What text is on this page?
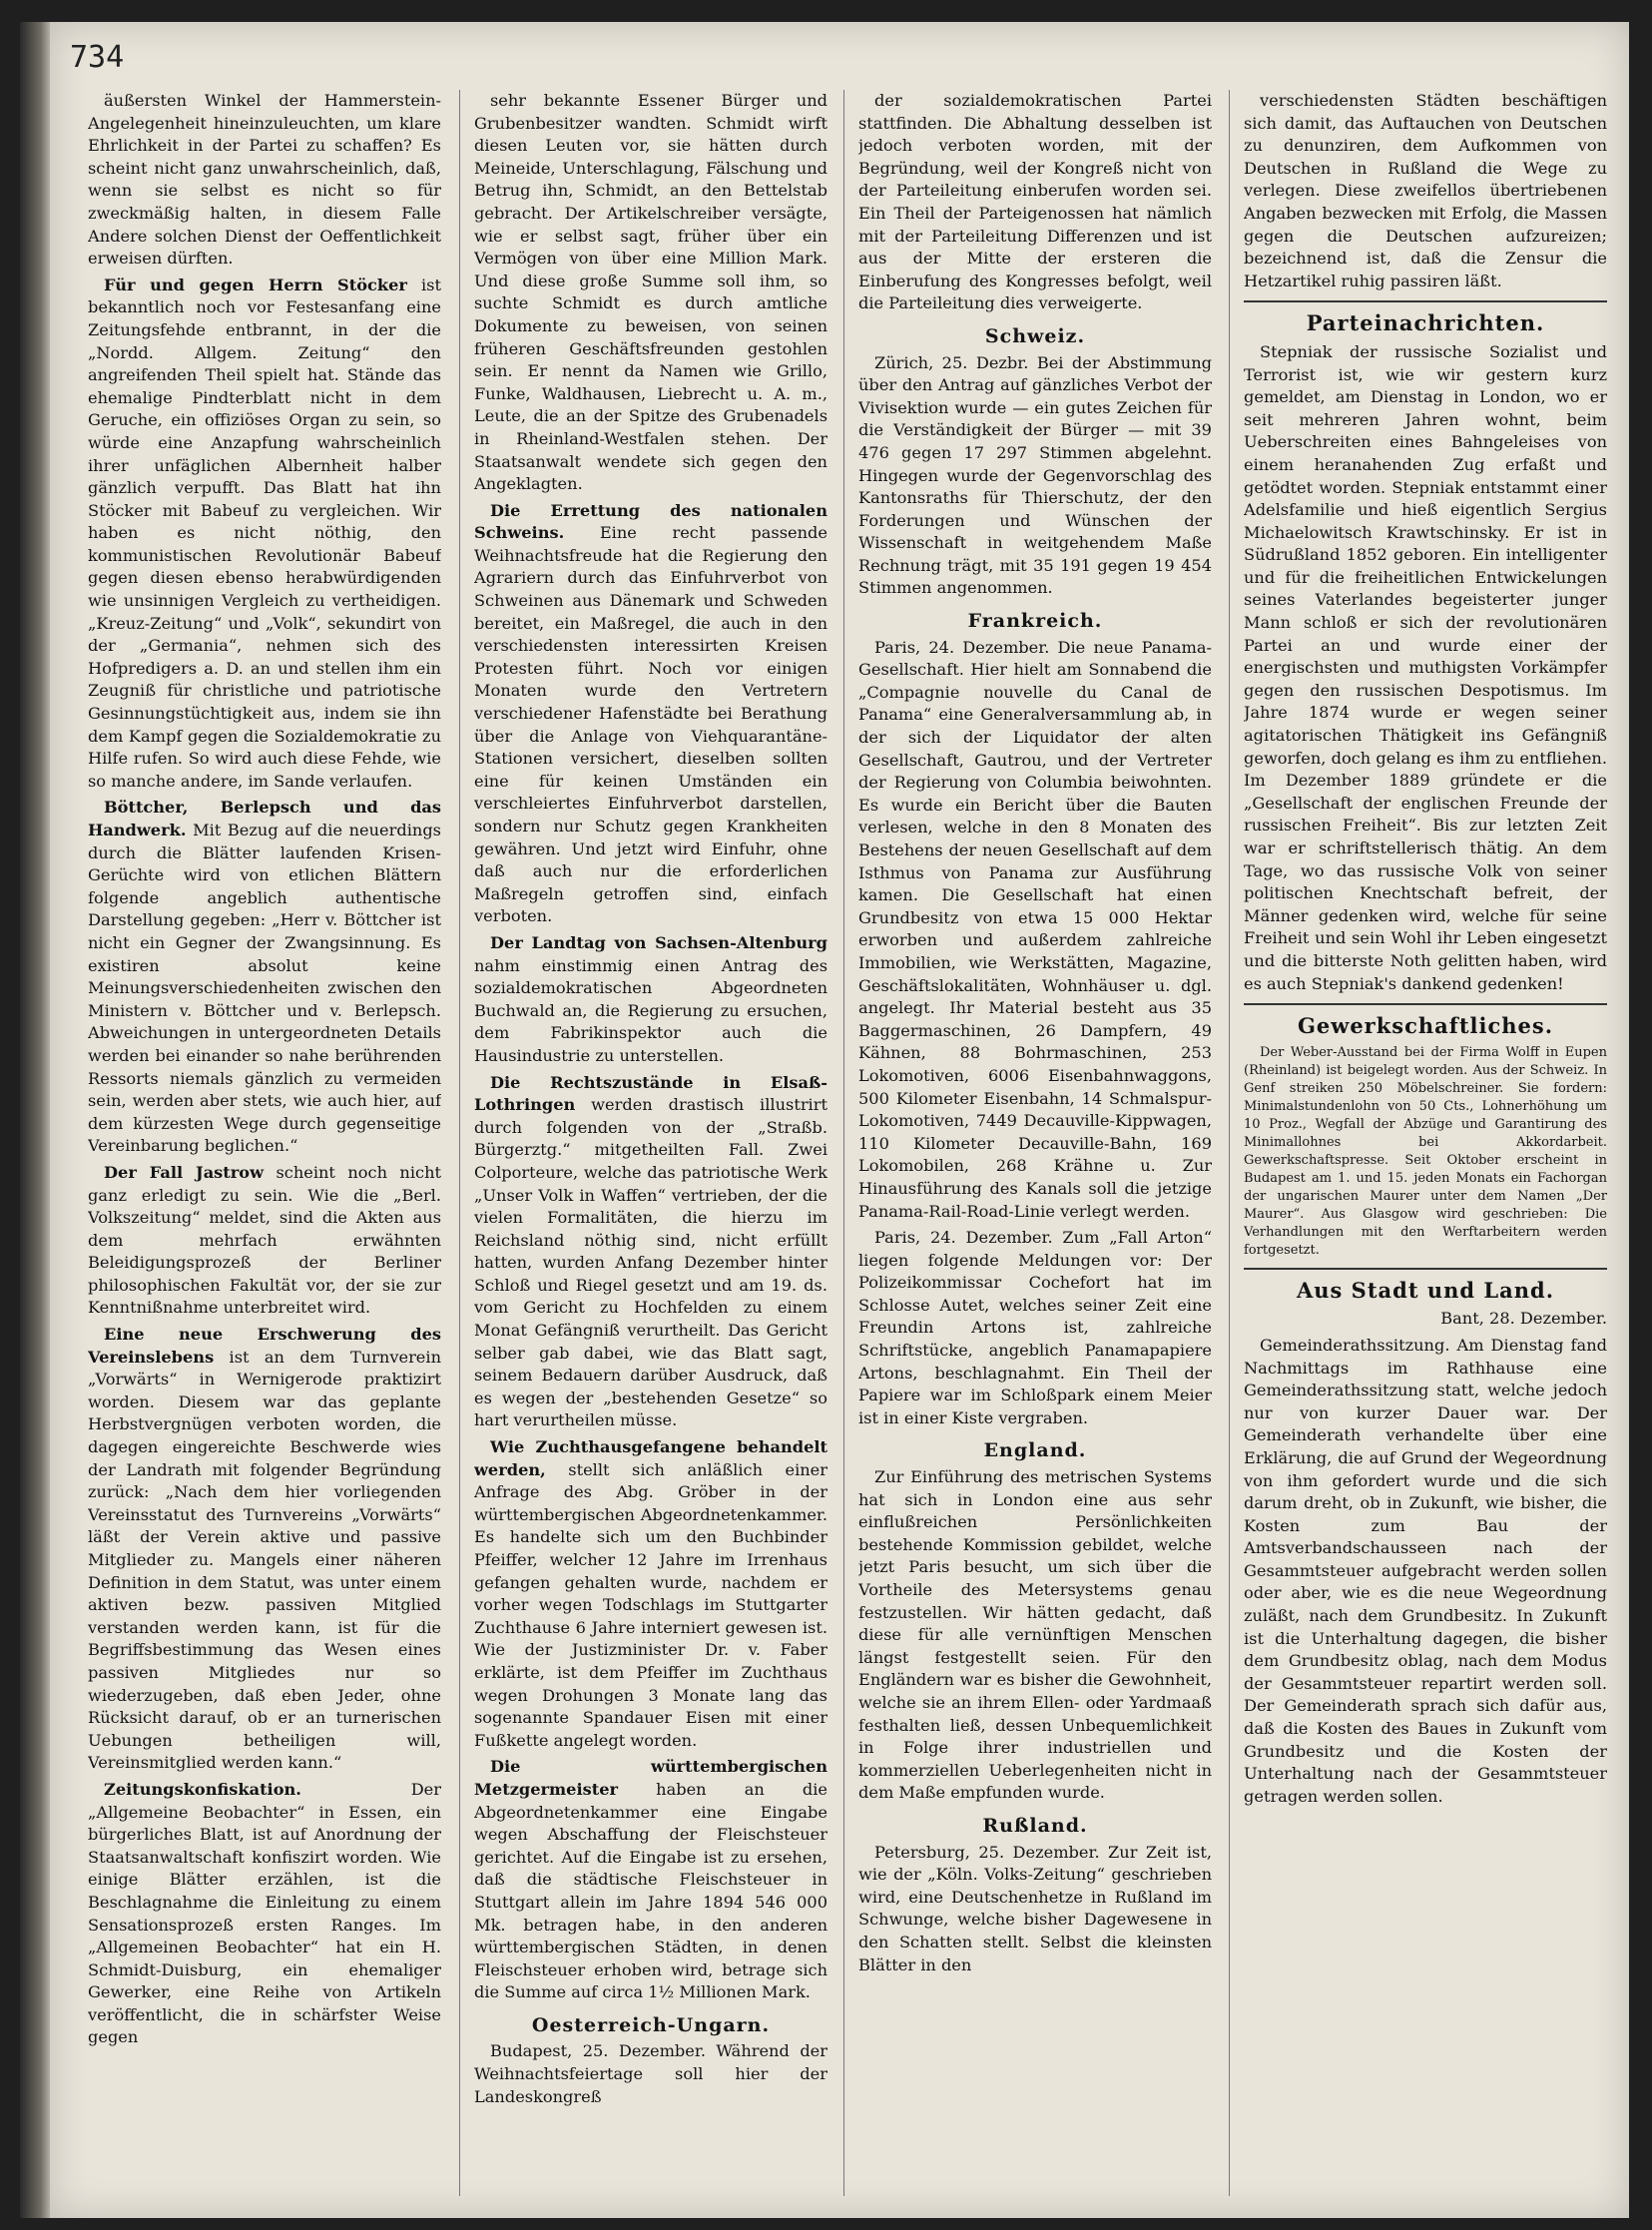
734

äußersten Winkel der Hammerstein-Angelegenheit hineinzuleuchten, um klare Ehrlichkeit in der Partei zu schaffen? Es scheint nicht ganz unwahrscheinlich, daß, wenn sie selbst es nicht so für zweckmäßig halten, in diesem Falle Andere solchen Dienst der Oeffentlichkeit erweisen dürften.

Für und gegen Herrn Stöcker ist bekanntlich noch vor Festesanfang eine Zeitungsfehde entbrannt, in der die „Nordd. Allgem. Zeitung“ den angreifenden Theil spielt hat. Stände das ehemalige Pindterblatt nicht in dem Geruche, ein offiziöses Organ zu sein, so würde eine Anzapfung wahrscheinlich ihrer unfäglichen Albernheit halber gänzlich verpufft. Das Blatt hat ihn Stöcker mit Babeuf zu vergleichen. Wir haben es nicht nöthig, den kommunistischen Revolutionär Babeuf gegen diesen ebenso herabwürdigenden wie unsinnigen Vergleich zu vertheidigen. „Kreuz-Zeitung“ und „Volk“, sekundirt von der „Germania“, nehmen sich des Hofpredigers a. D. an und stellen ihm ein Zeugniß für christliche und patriotische Gesinnungstüchtigkeit aus, indem sie ihn dem Kampf gegen die Sozialdemokratie zu Hilfe rufen. So wird auch diese Fehde, wie so manche andere, im Sande verlaufen.

Böttcher, Berlepsch und das Handwerk. Mit Bezug auf die neuerdings durch die Blätter laufenden Krisen-Gerüchte wird von etlichen Blättern folgende angeblich authentische Darstellung gegeben: „Herr v. Böttcher ist nicht ein Gegner der Zwangsinnung. Es existiren absolut keine Meinungsverschiedenheiten zwischen den Ministern v. Böttcher und v. Berlepsch. Abweichungen in untergeordneten Details werden bei einander so nahe berührenden Ressorts niemals gänzlich zu vermeiden sein, werden aber stets, wie auch hier, auf dem kürzesten Wege durch gegenseitige Vereinbarung beglichen.“

Der Fall Jastrow scheint noch nicht ganz erledigt zu sein. Wie die „Berl. Volkszeitung“ meldet, sind die Akten aus dem mehrfach erwähnten Beleidigungsprozeß der Berliner philosophischen Fakultät vor, der sie zur Kenntnißnahme unterbreitet wird.

Eine neue Erschwerung des Vereinslebens ist an dem Turnverein „Vorwärts“ in Wernigerode praktizirt worden. Diesem war das geplante Herbstvergnügen verboten worden, die dagegen eingereichte Beschwerde wies der Landrath mit folgender Begründung zurück: „Nach dem hier vorliegenden Vereinsstatut des Turnvereins „Vorwärts“ läßt der Verein aktive und passive Mitglieder zu. Mangels einer näheren Definition in dem Statut, was unter einem aktiven bezw. passiven Mitglied verstanden werden kann, ist für die Begriffsbestimmung das Wesen eines passiven Mitgliedes nur so wiederzugeben, daß eben Jeder, ohne Rücksicht darauf, ob er an turnerischen Uebungen betheiligen will, Vereinsmitglied werden kann.“

Zeitungskonfiskation.	Der „Allgemeine Beobachter“ in Essen, ein bürgerliches Blatt, ist auf Anordnung der Staatsanwaltschaft konfiszirt worden. Wie einige Blätter erzählen, ist die Beschlagnahme die Einleitung zu einem Sensationsprozeß ersten Ranges. Im „Allgemeinen Beobachter“ hat ein H. Schmidt-Duisburg, ein ehemaliger Gewerker, eine Reihe von Artikeln veröffentlicht, die in schärfster Weise gegen

sehr bekannte Essener Bürger und Grubenbesitzer wandten. Schmidt wirft diesen Leuten vor, sie hätten durch Meineide, Unterschlagung, Fälschung und Betrug ihn, Schmidt, an den Bettelstab gebracht. Der Artikelschreiber versägte, wie er selbst sagt, früher über ein Vermögen von über eine Million Mark. Und diese große Summe soll ihm, so suchte Schmidt es durch amtliche Dokumente zu beweisen, von seinen früheren Geschäftsfreunden gestohlen sein. Er nennt da Namen wie Grillo, Funke, Waldhausen, Liebrecht u. A. m., Leute, die an der Spitze des Grubenadels in Rheinland-Westfalen stehen. Der Staatsanwalt wendete sich gegen den Angeklagten.

Die Errettung des nationalen Schweins. Eine recht passende Weihnachtsfreude hat die Regierung den Agrariern durch das Einfuhrverbot von Schweinen aus Dänemark und Schweden bereitet, ein Maßregel, die auch in den verschiedensten interessirten Kreisen Protesten führt. Noch vor einigen Monaten wurde den Vertretern verschiedener Hafenstädte bei Berathung über die Anlage von Viehquarantäne-Stationen versichert, dieselben sollten eine für keinen Umständen ein verschleiertes Einfuhrverbot darstellen, sondern nur Schutz gegen Krankheiten gewähren. Und jetzt wird Einfuhr, ohne daß auch nur die erforderlichen Maßregeln getroffen sind, einfach verboten.

Der Landtag von Sachsen-Altenburg nahm einstimmig einen Antrag des sozialdemokratischen Abgeordneten Buchwald an, die Regierung zu ersuchen, dem Fabrikinspektor auch die Hausindustrie zu unterstellen.

Die Rechtszustände in Elsaß-Lothringen werden drastisch illustrirt durch folgenden von der „Straßb. Bürgerztg.“ mitgetheilten Fall. Zwei Colporteure, welche das patriotische Werk „Unser Volk in Waffen“ vertrieben, der die vielen Formalitäten, die hierzu im Reichsland nöthig sind, nicht erfüllt hatten, wurden Anfang Dezember hinter Schloß und Riegel gesetzt und am 19. ds. vom Gericht zu Hochfelden zu einem Monat Gefängniß verurtheilt. Das Gericht selber gab dabei, wie das Blatt sagt, seinem Bedauern darüber Ausdruck, daß es wegen der „bestehenden Gesetze“ so hart verurtheilen müsse.

Wie Zuchthausgefangene behandelt werden, stellt sich anläßlich einer Anfrage des Abg. Gröber in der württembergischen Abgeordnetenkammer. Es handelte sich um den Buchbinder Pfeiffer, welcher 12 Jahre im Irrenhaus gefangen gehalten wurde, nachdem er vorher wegen Todschlags im Stuttgarter Zuchthause 6 Jahre interniert gewesen ist. Wie der Justizminister Dr. v. Faber erklärte, ist dem Pfeiffer im Zuchthaus wegen Drohungen 3 Monate lang das sogenannte Spandauer Eisen mit einer Fußkette angelegt worden.

Die württembergischen Metzgermeister haben an die Abgeordnetenkammer eine Eingabe wegen Abschaffung der Fleischsteuer gerichtet. Auf die Eingabe ist zu ersehen, daß die städtische Fleischsteuer in Stuttgart allein im Jahre 1894 546 000 Mk. betragen habe, in den anderen württembergischen Städten, in denen Fleischsteuer erhoben wird, betrage sich die Summe auf circa 1½ Millionen Mark.

Oesterreich-Ungarn.

Budapest, 25. Dezember. Während der Weihnachtsfeiertage soll hier der Landeskongreß

der sozialdemokratischen Partei stattfinden. Die Abhaltung desselben ist jedoch verboten worden, mit der Begründung, weil der Kongreß nicht von der Parteileitung einberufen worden sei. Ein Theil der Parteigenossen hat nämlich mit der Parteileitung Differenzen und ist aus der Mitte der ersteren die Einberufung des Kongresses befolgt, weil die Parteileitung dies verweigerte.

Schweiz.

Zürich, 25. Dezbr. Bei der Abstimmung über den Antrag auf gänzliches Verbot der Vivisektion wurde — ein gutes Zeichen für die Verständigkeit der Bürger — mit 39 476 gegen 17 297 Stimmen abgelehnt. Hingegen wurde der Gegenvorschlag des Kantonsraths für Thierschutz, der den Forderungen und Wünschen der Wissenschaft in weitgehendem Maße Rechnung trägt, mit 35 191 gegen 19 454 Stimmen angenommen.

Frankreich.

Paris, 24. Dezember. Die neue Panama-Gesellschaft. Hier hielt am Sonnabend die „Compagnie nouvelle du Canal de Panama“ eine Generalversammlung ab, in der sich der Liquidator der alten Gesellschaft, Gautrou, und der Vertreter der Regierung von Columbia beiwohnten. Es wurde ein Bericht über die Bauten verlesen, welche in den 8 Monaten des Bestehens der neuen Gesellschaft auf dem Isthmus von Panama zur Ausführung kamen. Die Gesellschaft hat einen Grundbesitz von etwa 15 000 Hektar erworben und außerdem zahlreiche Immobilien, wie Werkstätten, Magazine, Geschäftslokalitäten, Wohnhäuser u. dgl. angelegt. Ihr Material besteht aus 35 Baggermaschinen, 26 Dampfern, 49 Kähnen, 88 Bohrmaschinen, 253 Lokomotiven, 6006 Eisenbahnwaggons, 500 Kilometer Eisenbahn, 14 Schmalspur-Lokomotiven, 7449 Decauville-Kippwagen, 110 Kilometer Decauville-Bahn, 169 Lokomobilen, 268 Krähne u. Zur Hinausführung des Kanals soll die jetzige Panama-Rail-Road-Linie verlegt werden.

Paris, 24. Dezember. Zum „Fall Arton“ liegen folgende Meldungen vor: Der Polizeikommissar Cochefort hat im Schlosse Autet, welches seiner Zeit eine Freundin Artons ist, zahlreiche Schriftstücke, angeblich Panamapapiere Artons, beschlagnahmt. Ein Theil der Papiere war im Schloßpark einem Meier ist in einer Kiste vergraben.

England.

Zur Einführung des metrischen Systems hat sich in London eine aus sehr einflußreichen Persönlichkeiten bestehende Kommission gebildet, welche jetzt Paris besucht, um sich über die Vortheile des Metersystems genau festzustellen. Wir hätten gedacht, daß diese für alle vernünftigen Menschen längst festgestellt seien. Für den Engländern war es bisher die Gewohnheit, welche sie an ihrem Ellen- oder Yardmaaß festhalten ließ, dessen Unbequemlichkeit in Folge ihrer industriellen und kommerziellen Ueberlegenheiten nicht in dem Maße empfunden wurde.

Rußland.

Petersburg, 25. Dezember. Zur Zeit ist, wie der „Köln. Volks-Zeitung“ geschrieben wird, eine Deutschenhetze in Rußland im Schwunge, welche bisher Dagewesene in den Schatten stellt. Selbst die kleinsten Blätter in den

verschiedensten Städten beschäftigen sich damit, das Auftauchen von Deutschen zu denunziren, dem Aufkommen von Deutschen in Rußland die Wege zu verlegen. Diese zweifellos übertriebenen Angaben bezwecken mit Erfolg, die Massen gegen die Deutschen aufzureizen; bezeichnend ist, daß die Zensur die Hetzartikel ruhig passiren läßt.

Parteinachrichten.

Stepniak der russische Sozialist und Terrorist ist, wie wir gestern kurz gemeldet, am Dienstag in London, wo er seit mehreren Jahren wohnt, beim Ueberschreiten eines Bahngeleises von einem heranahenden Zug erfaßt und getödtet worden. Stepniak entstammt einer Adelsfamilie und hieß eigentlich Sergius Michaelowitsch Krawtschinsky. Er ist in Südrußland 1852 geboren. Ein intelligenter und für die freiheitlichen Entwickelungen seines Vaterlandes begeisterter junger Mann schloß er sich der revolutionären Partei an und wurde einer der energischsten und muthigsten Vorkämpfer gegen den russischen Despotismus. Im Jahre 1874 wurde er wegen seiner agitatorischen Thätigkeit ins Gefängniß geworfen, doch gelang es ihm zu entfliehen. Im Dezember 1889 gründete er die „Gesellschaft der englischen Freunde der russischen Freiheit“. Bis zur letzten Zeit war er schriftstellerisch thätig. An dem Tage, wo das russische Volk von seiner politischen Knechtschaft befreit, der Männer gedenken wird, welche für seine Freiheit und sein Wohl ihr Leben eingesetzt und die bitterste Noth gelitten haben, wird es auch Stepniak's dankend gedenken!

Gewerkschaftliches.

Der Weber-Ausstand bei der Firma Wolff in Eupen (Rheinland) ist beigelegt worden. Aus der Schweiz. In Genf streiken 250 Möbelschreiner. Sie fordern: Minimalstundenlohn von 50 Cts., Lohnerhöhung um 10 Proz., Wegfall der Abzüge und Garantirung des Minimallohnes bei Akkordarbeit. Gewerkschaftspresse. Seit Oktober erscheint in Budapest am 1. und 15. jeden Monats ein Fachorgan der ungarischen Maurer unter dem Namen „Der Maurer“. Aus Glasgow wird geschrieben: Die Verhandlungen mit den Werftarbeitern werden fortgesetzt.

Aus Stadt und Land.

Bant, 28. Dezember.

Gemeinderathssitzung. Am Dienstag fand Nachmittags im Rathhause eine Gemeinderathssitzung statt, welche jedoch nur von kurzer Dauer war. Der Gemeinderath verhandelte über eine Erklärung, die auf Grund der Wegeordnung von ihm gefordert wurde und die sich darum dreht, ob in Zukunft, wie bisher, die Kosten zum Bau der Amtsverbandschausseen nach der Gesammtsteuer aufgebracht werden sollen oder aber, wie es die neue Wegeordnung zuläßt, nach dem Grundbesitz. In Zukunft ist die Unterhaltung dagegen, die bisher dem Grundbesitz oblag, nach dem Modus der Gesammtsteuer repartirt werden soll. Der Gemeinderath sprach sich dafür aus, daß die Kosten des Baues in Zukunft vom Grundbesitz und die Kosten der Unterhaltung nach der Gesammtsteuer getragen werden sollen.
